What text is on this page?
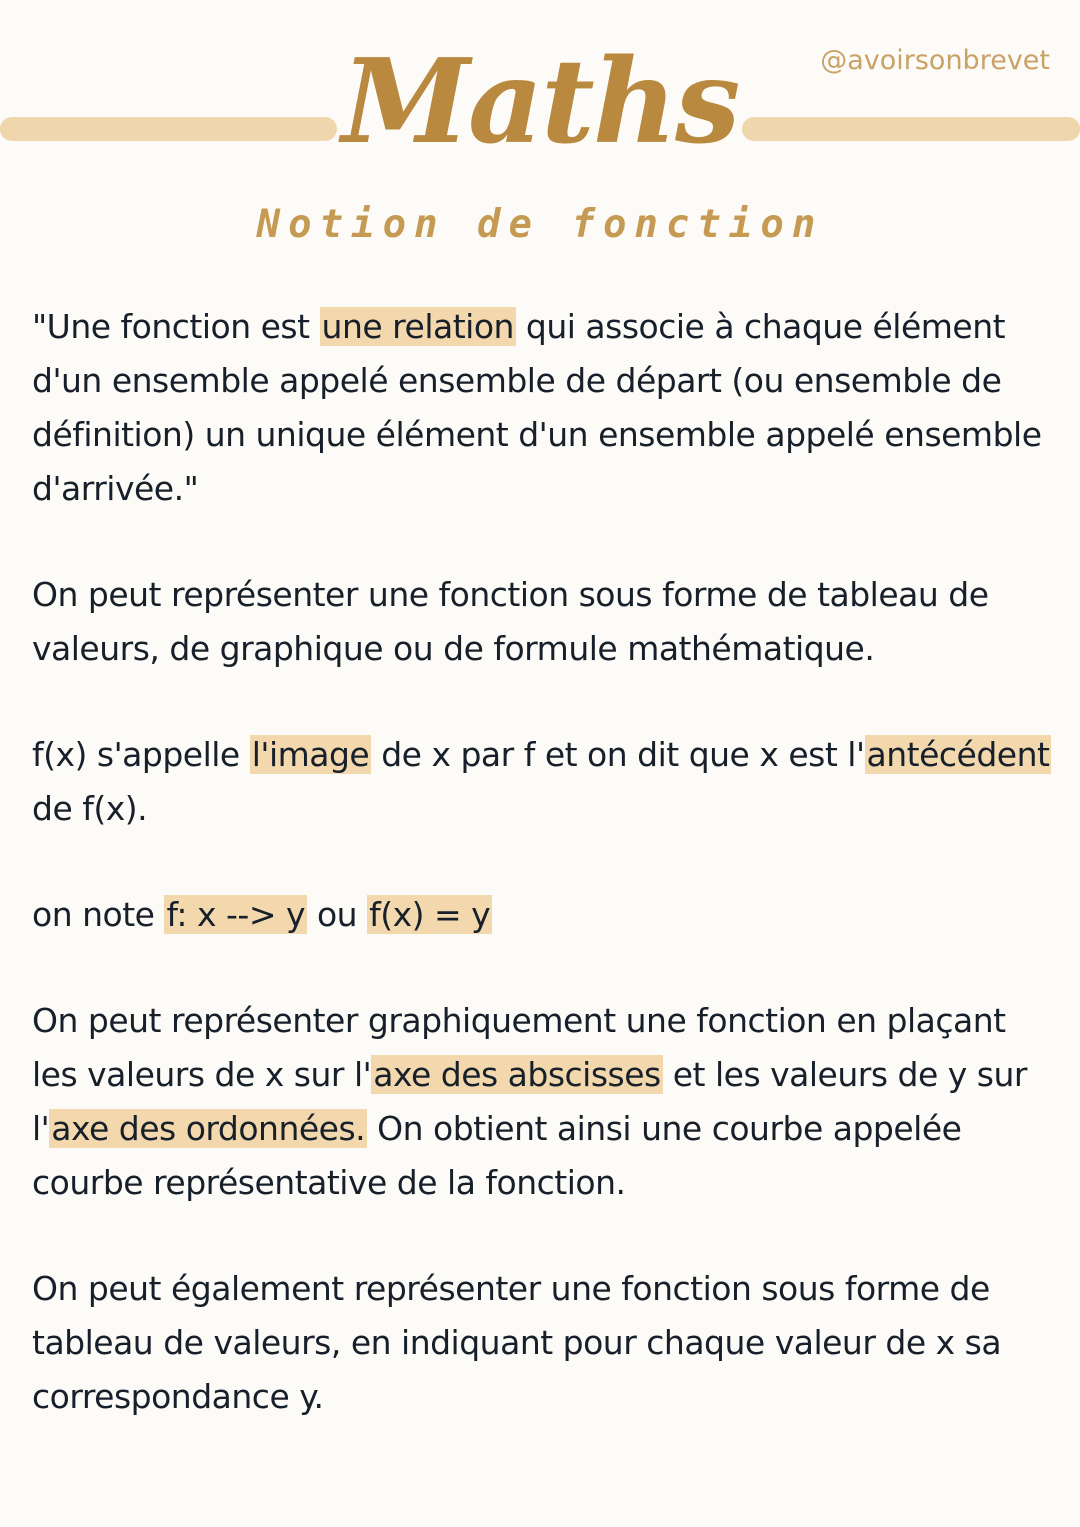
Maths	@avoirsonbrevet

Notion de fonction

"Une fonction est une relation qui associe à chaque élément d'un ensemble appelé ensemble de départ (ou ensemble de définition) un unique élément d'un ensemble appelé ensemble d'arrivée."

On peut représenter une fonction sous forme de tableau de valeurs, de graphique ou de formule mathématique.

f(x) s'appelle l'image de x par f et on dit que x est l'antécédent de f(x).

on note f: x --> y ou f(x) = y

On peut représenter graphiquement une fonction en plaçant les valeurs de x sur l'axe des abscisses et les valeurs de y sur l'axe des ordonnées. On obtient ainsi une courbe appelée courbe représentative de la fonction.

On peut également représenter une fonction sous forme de tableau de valeurs, en indiquant pour chaque valeur de x sa correspondance y.
